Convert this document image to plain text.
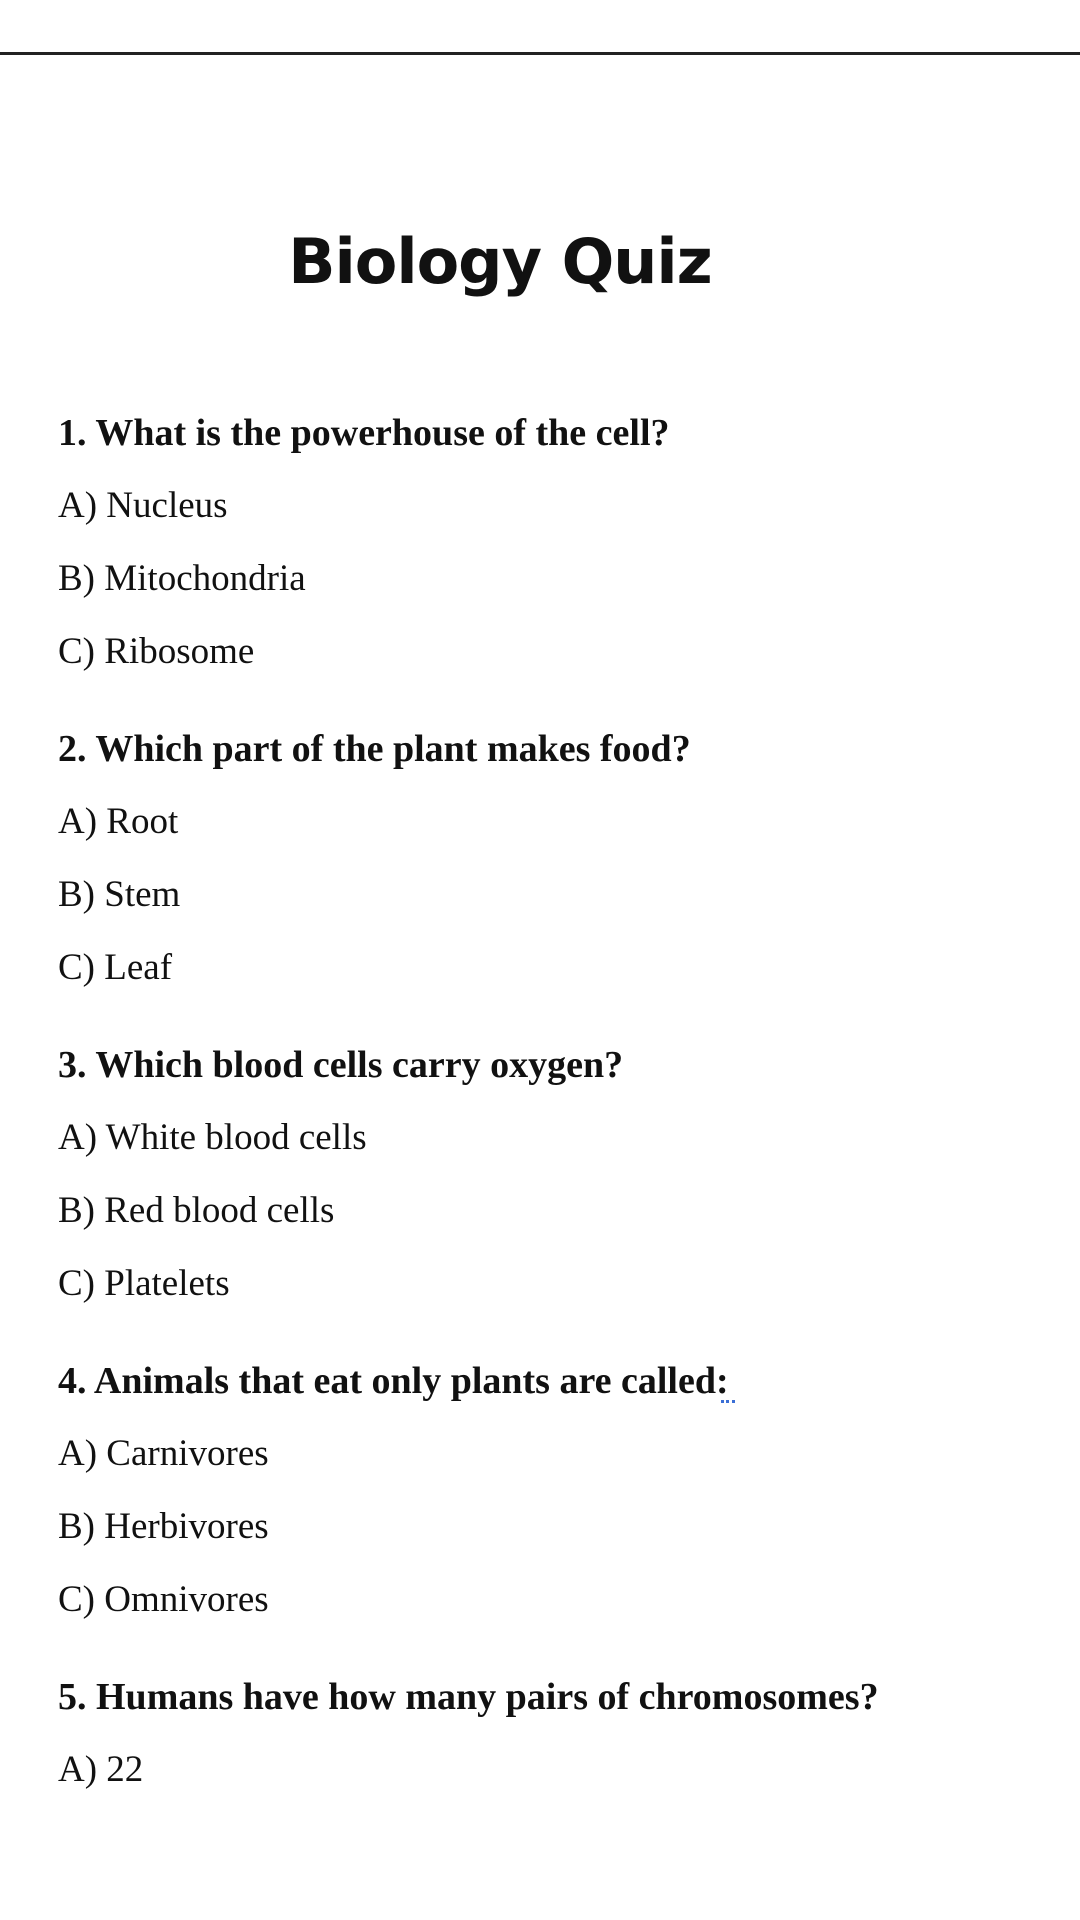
Biology Quiz
1. What is the powerhouse of the cell?
A) Nucleus
B) Mitochondria
C) Ribosome
2. Which part of the plant makes food?
A) Root
B) Stem
C) Leaf
3. Which blood cells carry oxygen?
A) White blood cells
B) Red blood cells
C) Platelets
4. Animals that eat only plants are called:
A) Carnivores
B) Herbivores
C) Omnivores
5. Humans have how many pairs of chromosomes?
A) 22
